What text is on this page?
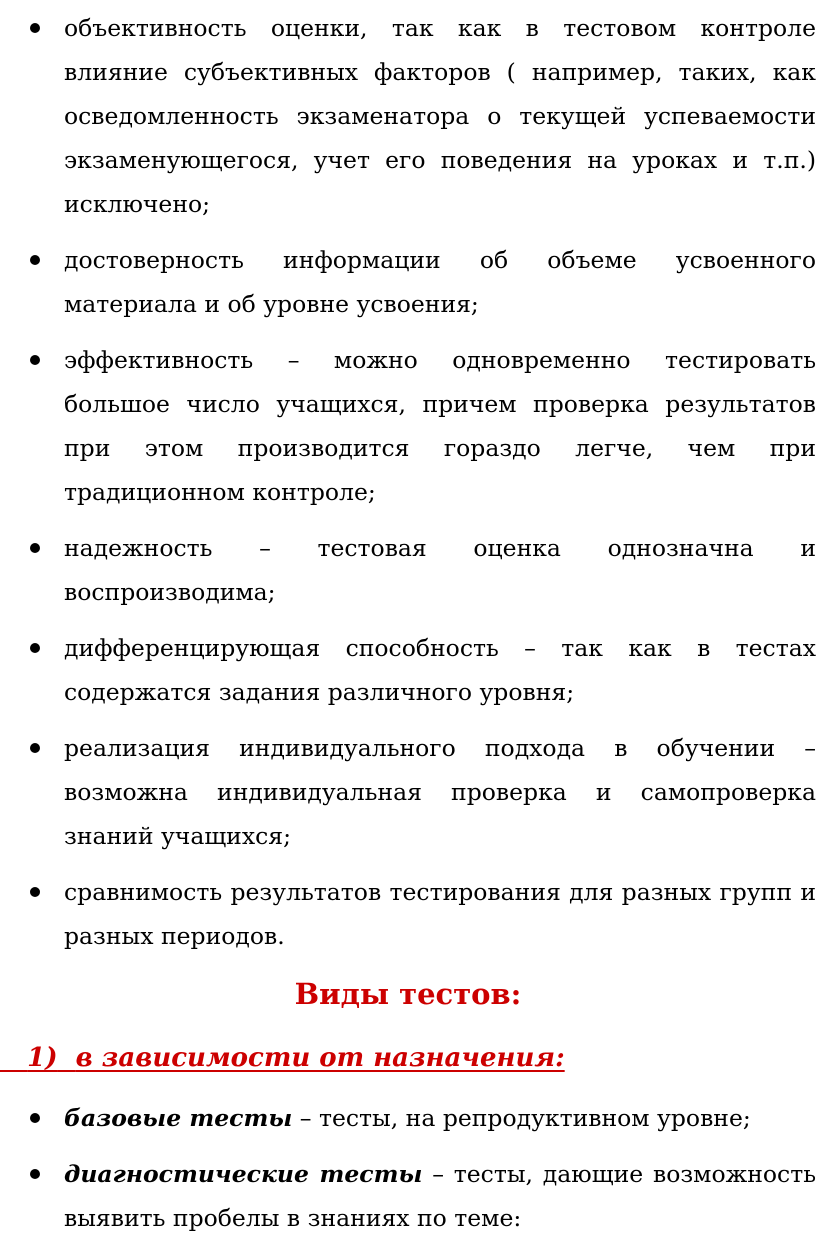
объективность оценки, так как в тестовом контроле влияние субъективных факторов ( например, таких, как осведомленность экзаменатора о текущей успеваемости экзаменующегося, учет его поведения на уроках и т.п.) исключено;
достоверность информации об объеме усвоенного материала и об уровне усвоения;
эффективность – можно одновременно тестировать большое число учащихся, причем проверка результатов при этом производится гораздо легче, чем при традиционном контроле;
надежность – тестовая оценка однозначна и воспроизводима;
дифференцирующая способность – так как в тестах содержатся задания различного уровня;
реализация индивидуального подхода в обучении – возможна индивидуальная проверка и самопроверка знаний учащихся;
сравнимость результатов тестирования для разных групп и разных периодов.
Виды тестов:
1) в зависимости от назначения:
базовые тесты – тесты, на репродуктивном уровне;
диагностические тесты – тесты, дающие возможность выявить пробелы в знаниях по теме:
